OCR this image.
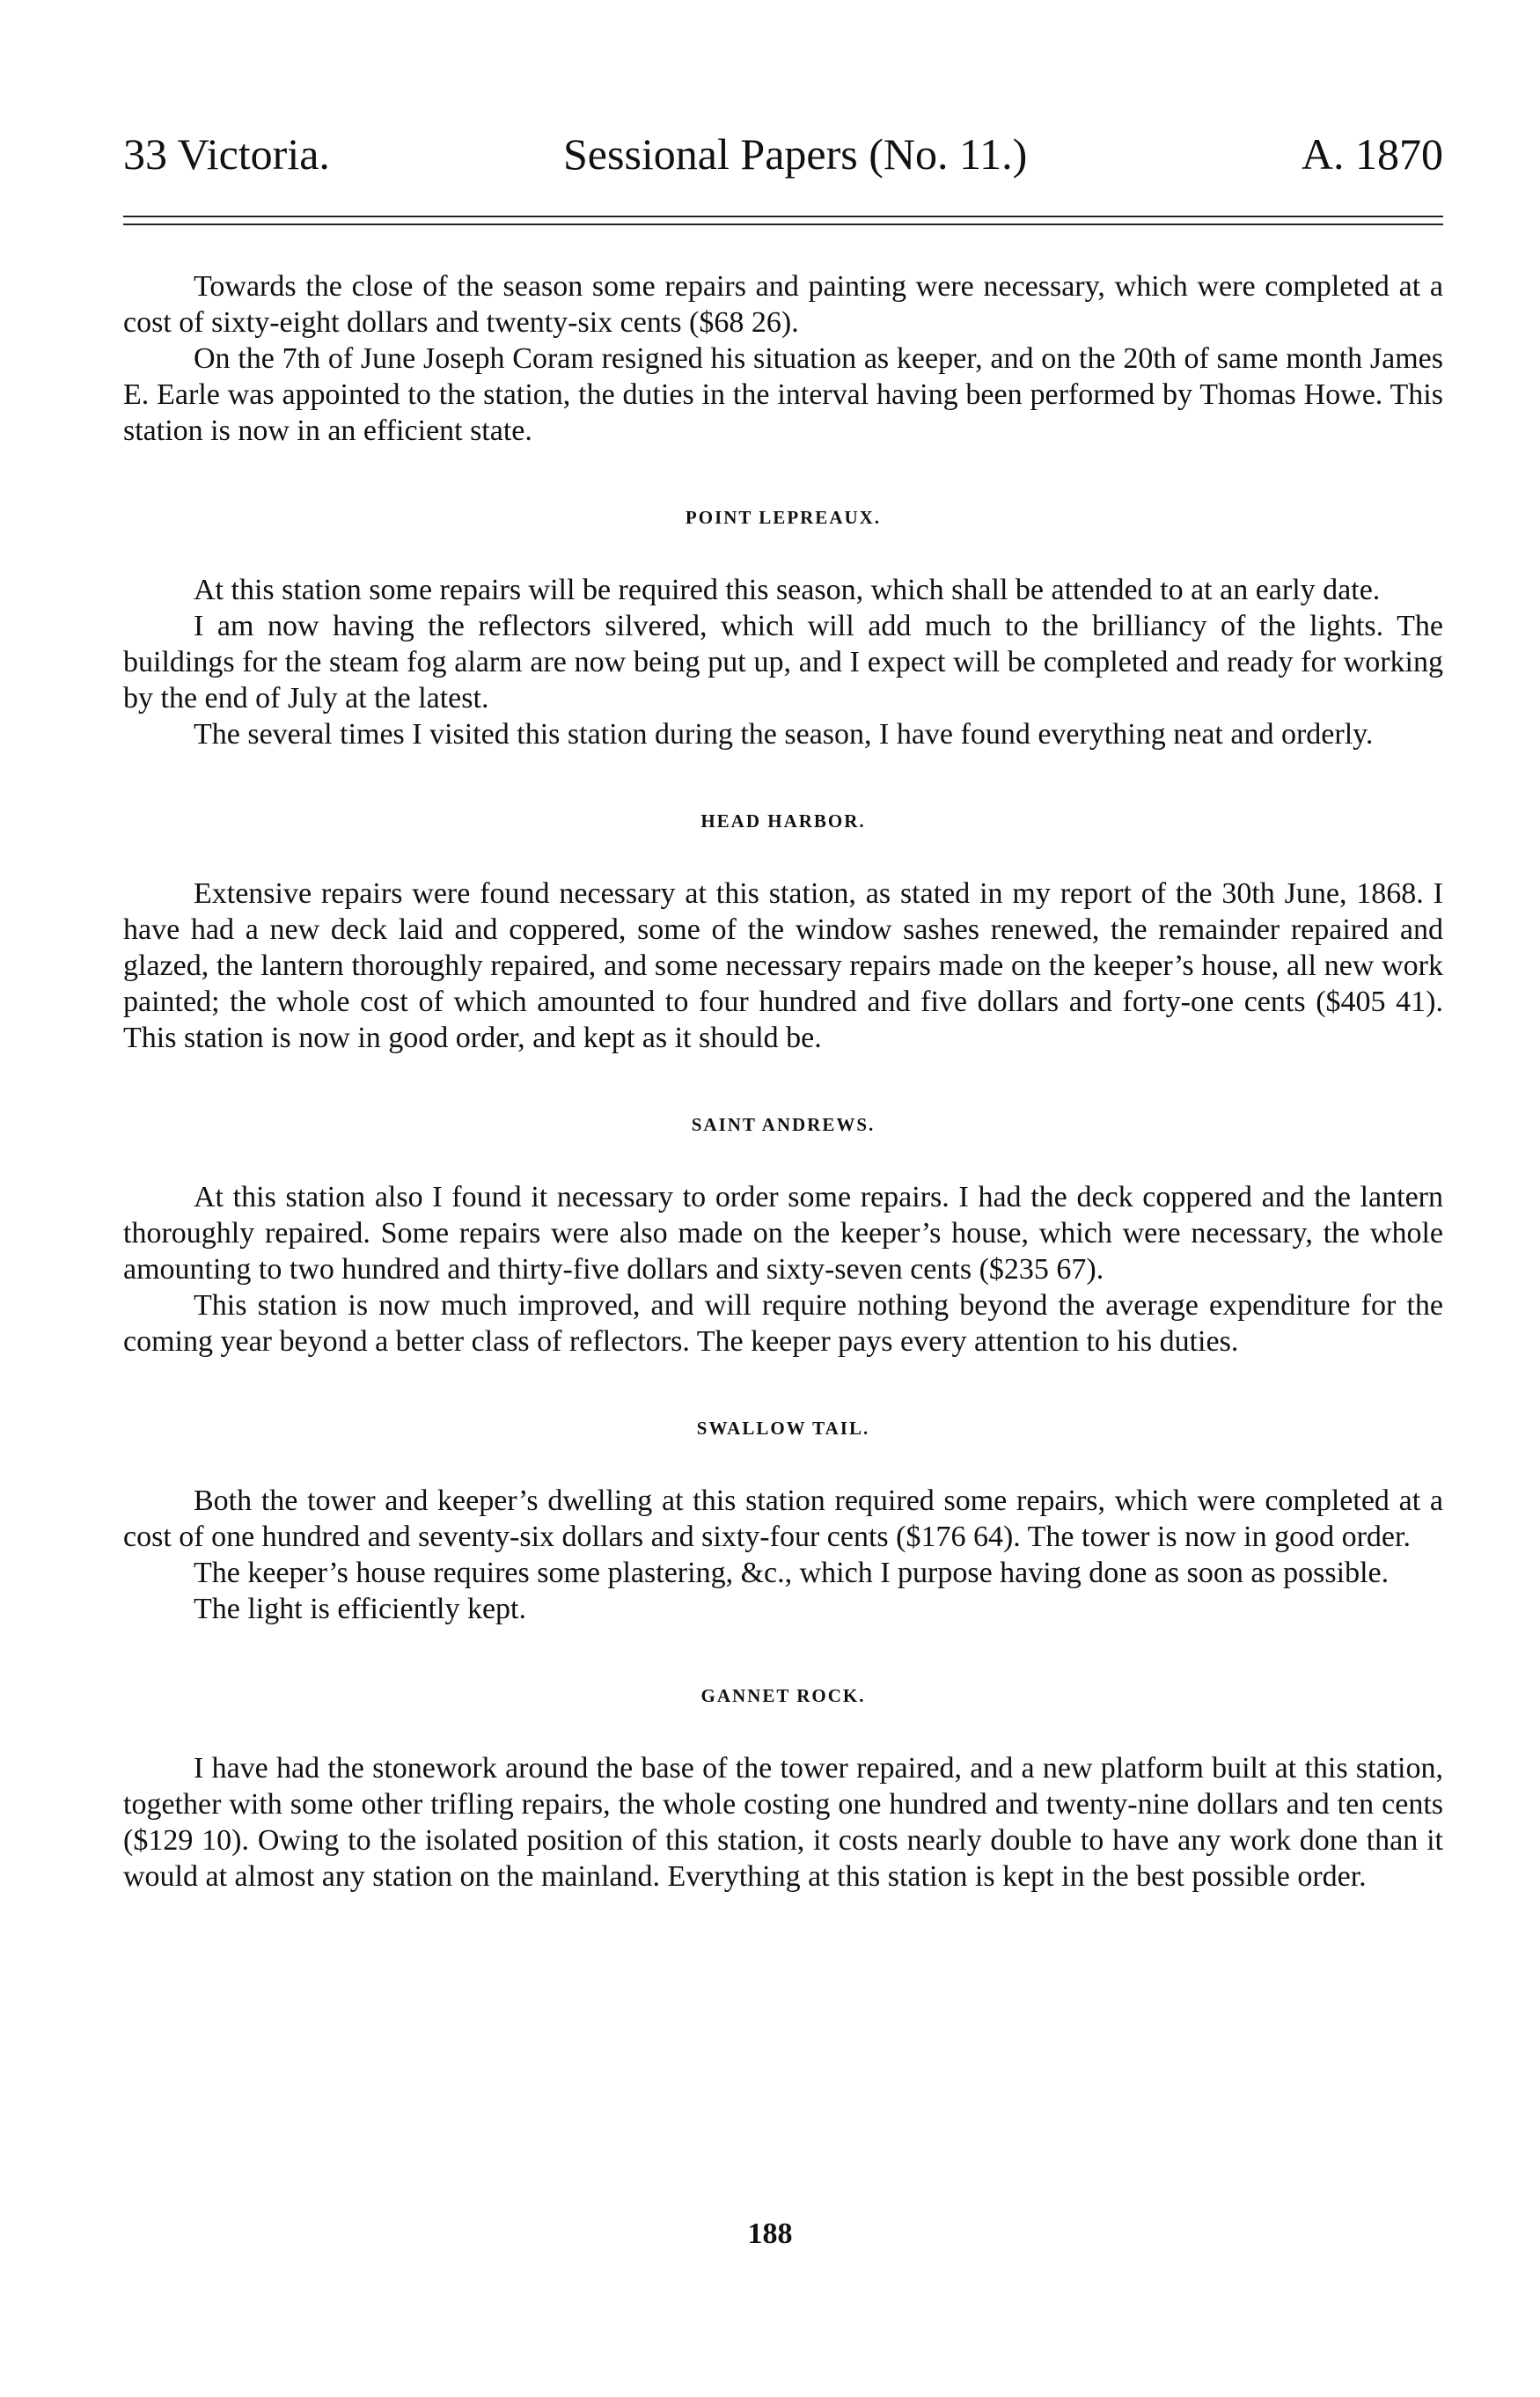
33 Victoria.	Sessional Papers (No. 11.)	A. 1870

Towards the close of the season some repairs and painting were necessary, which were completed at a cost of sixty-eight dollars and twenty-six cents ($68 26).

On the 7th of June Joseph Coram resigned his situation as keeper, and on the 20th of same month James E. Earle was appointed to the station, the duties in the interval having been performed by Thomas Howe. This station is now in an efficient state.

POINT LEPREAUX.

At this station some repairs will be required this season, which shall be attended to at an early date.

I am now having the reflectors silvered, which will add much to the brilliancy of the lights. The buildings for the steam fog alarm are now being put up, and I expect will be completed and ready for working by the end of July at the latest.

The several times I visited this station during the season, I have found everything neat and orderly.

HEAD HARBOR.

Extensive repairs were found necessary at this station, as stated in my report of the 30th June, 1868. I have had a new deck laid and coppered, some of the window sashes renewed, the remainder repaired and glazed, the lantern thoroughly repaired, and some necessary repairs made on the keeper’s house, all new work painted; the whole cost of which amounted to four hundred and five dollars and forty-one cents ($405 41). This station is now in good order, and kept as it should be.

SAINT ANDREWS.

At this station also I found it necessary to order some repairs. I had the deck coppered and the lantern thoroughly repaired. Some repairs were also made on the keeper’s house, which were necessary, the whole amounting to two hundred and thirty-five dollars and sixty-seven cents ($235 67).

This station is now much improved, and will require nothing beyond the average expenditure for the coming year beyond a better class of reflectors. The keeper pays every attention to his duties.

SWALLOW TAIL.

Both the tower and keeper’s dwelling at this station required some repairs, which were completed at a cost of one hundred and seventy-six dollars and sixty-four cents ($176 64). The tower is now in good order.

The keeper’s house requires some plastering, &c., which I purpose having done as soon as possible.

The light is efficiently kept.

GANNET ROCK.

I have had the stonework around the base of the tower repaired, and a new platform built at this station, together with some other trifling repairs, the whole costing one hundred and twenty-nine dollars and ten cents ($129 10). Owing to the isolated position of this station, it costs nearly double to have any work done than it would at almost any station on the mainland. Everything at this station is kept in the best possible order.

188
